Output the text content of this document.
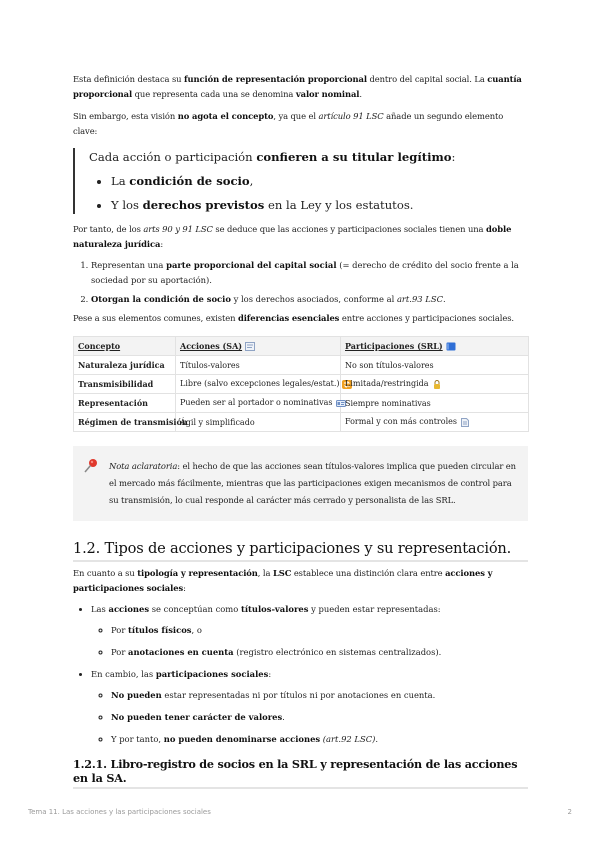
Esta definición destaca su función de representación proporcional dentro del capital social. La cuantía proporcional que representa cada una se denomina valor nominal.

Sin embargo, esta visión no agota el concepto, ya que el artículo 91 LSC añade un segundo elemento clave:

Cada acción o participación confieren a su titular legítimo:

• La condición de socio,
• Y los derechos previstos en la Ley y los estatutos.

Por tanto, de los arts 90 y 91 LSC se deduce que las acciones y participaciones sociales tienen una doble naturaleza jurídica:

1. Representan una parte proporcional del capital social (= derecho de crédito del socio frente a la sociedad por su aportación).
2. Otorgan la condición de socio y los derechos asociados, conforme al art.93 LSC.

Pese a sus elementos comunes, existen diferencias esenciales entre acciones y participaciones sociales.

Concepto	Acciones (SA)	Participaciones (SRL)
Naturaleza jurídica	Títulos-valores	No son títulos-valores
Transmisibilidad	Libre (salvo excepciones legales/estat.)	Limitada/restringida
Representación	Pueden ser al portador o nominativas	Siempre nominativas
Régimen de transmisión	Ágil y simplificado	Formal y con más controles

Nota aclaratoria: el hecho de que las acciones sean títulos-valores implica que pueden circular en el mercado más fácilmente, mientras que las participaciones exigen mecanismos de control para su transmisión, lo cual responde al carácter más cerrado y personalista de las SRL.

1.2. Tipos de acciones y participaciones y su representación.

En cuanto a su tipología y representación, la LSC establece una distinción clara entre acciones y participaciones sociales:

• Las acciones se conceptúan como títulos-valores y pueden estar representadas:
◦ Por títulos físicos, o
◦ Por anotaciones en cuenta (registro electrónico en sistemas centralizados).
• En cambio, las participaciones sociales:
◦ No pueden estar representadas ni por títulos ni por anotaciones en cuenta.
◦ No pueden tener carácter de valores.
◦ Y por tanto, no pueden denominarse acciones (art.92 LSC).
1.2.1. Libro-registro de socios en la SRL y representación de las acciones en la SA.
Tema 11. Las acciones y las participaciones sociales	2
